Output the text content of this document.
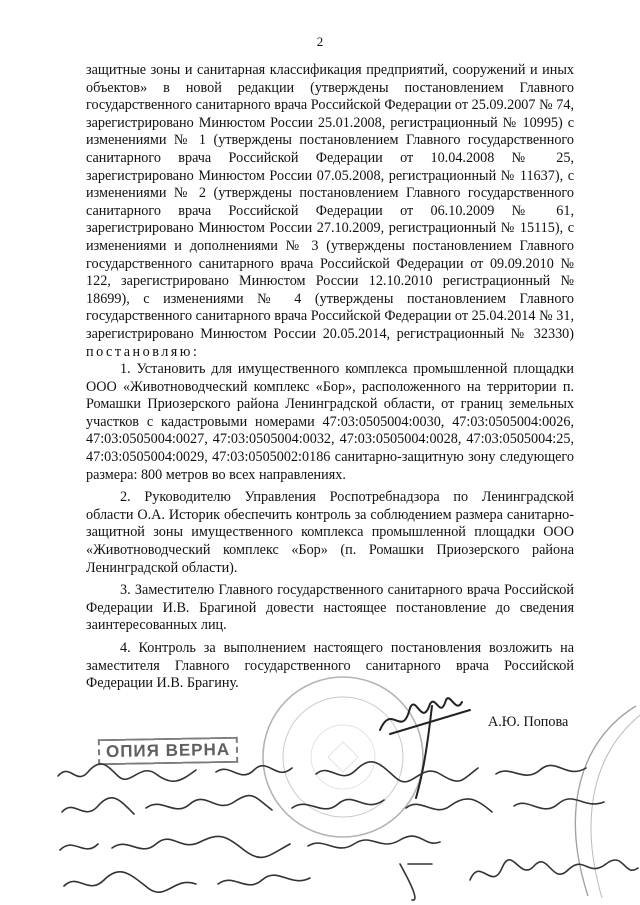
2

защитные зоны и санитарная классификация предприятий, сооружений и иных объектов» в новой редакции (утверждены постановлением Главного государственного санитарного врача Российской Федерации от 25.09.2007 № 74, зарегистрировано Минюстом России 25.01.2008, регистрационный № 10995) с изменениями № 1 (утверждены постановлением Главного государственного санитарного врача Российской Федерации от 10.04.2008 № 25, зарегистрировано Минюстом России 07.05.2008, регистрационный № 11637), с изменениями № 2 (утверждены постановлением Главного государственного санитарного врача Российской Федерации от 06.10.2009 № 61, зарегистрировано Минюстом России 27.10.2009, регистрационный № 15115), с изменениями и дополнениями № 3 (утверждены постановлением Главного государственного санитарного врача Российской Федерации от 09.09.2010 № 122, зарегистрировано Минюстом России 12.10.2010 регистрационный № 18699), с изменениями № 4 (утверждены постановлением Главного государственного санитарного врача Российской Федерации от 25.04.2014 № 31, зарегистрировано Минюстом России 20.05.2014, регистрационный № 32330) постановляю:

1. Установить для имущественного комплекса промышленной площадки ООО «Животноводческий комплекс «Бор», расположенного на территории п. Ромашки Приозерского района Ленинградской области, от границ земельных участков с кадастровыми номерами 47:03:0505004:0030, 47:03:0505004:0026, 47:03:0505004:0027, 47:03:0505004:0032, 47:03:0505004:0028, 47:03:0505004:25, 47:03:0505004:0029, 47:03:0505002:0186 санитарно-защитную зону следующего размера: 800 метров во всех направлениях.

2. Руководителю Управления Роспотребнадзора по Ленинградской области О.А. Историк обеспечить контроль за соблюдением размера санитарно-защитной зоны имущественного комплекса промышленной площадки ООО «Животноводческий комплекс «Бор» (п. Ромашки Приозерского района Ленинградской области).

3. Заместителю Главного государственного санитарного врача Российской Федерации И.В. Брагиной довести настоящее постановление до сведения заинтересованных лиц.

4. Контроль за выполнением настоящего постановления возложить на заместителя Главного государственного санитарного врача Российской Федерации И.В. Брагину.

А.Ю. Попова
ОПИЯ ВЕРНА
